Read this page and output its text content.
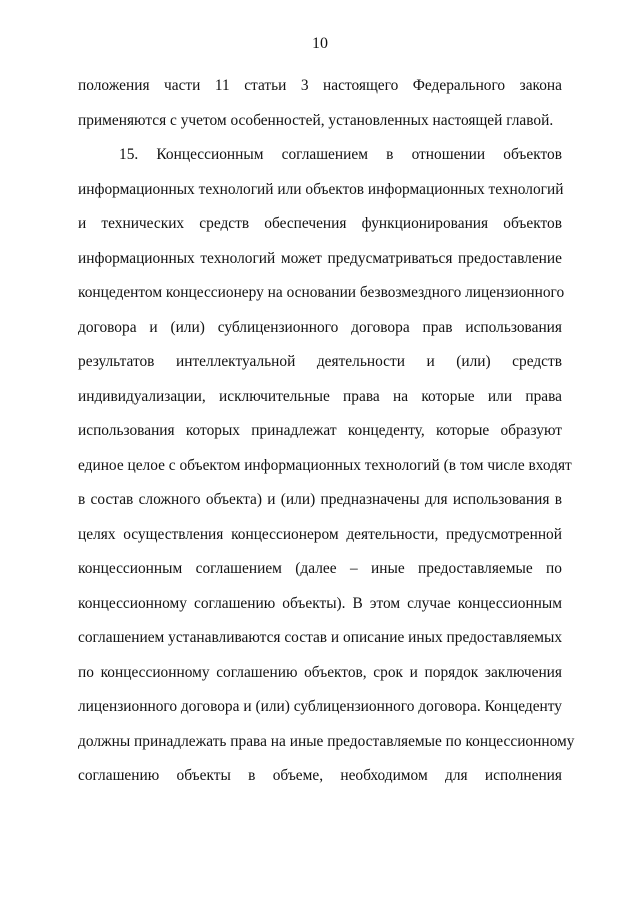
10
положения части 11 статьи 3 настоящего Федерального закона
применяются с учетом особенностей, установленных настоящей главой.
15. Концессионным соглашением в отношении объектов
информационных технологий или объектов информационных технологий
и технических средств обеспечения функционирования объектов
информационных технологий может предусматриваться предоставление
концедентом концессионеру на основании безвозмездного лицензионного
договора и (или) сублицензионного договора прав использования
результатов интеллектуальной деятельности и (или) средств
индивидуализации, исключительные права на которые или права
использования которых принадлежат концеденту, которые образуют
единое целое с объектом информационных технологий (в том числе входят
в состав сложного объекта) и (или) предназначены для использования в
целях осуществления концессионером деятельности, предусмотренной
концессионным соглашением (далее – иные предоставляемые по
концессионному соглашению объекты). В этом случае концессионным
соглашением устанавливаются состав и описание иных предоставляемых
по концессионному соглашению объектов, срок и порядок заключения
лицензионного договора и (или) сублицензионного договора. Концеденту
должны принадлежать права на иные предоставляемые по концессионному
соглашению объекты в объеме, необходимом для исполнения
